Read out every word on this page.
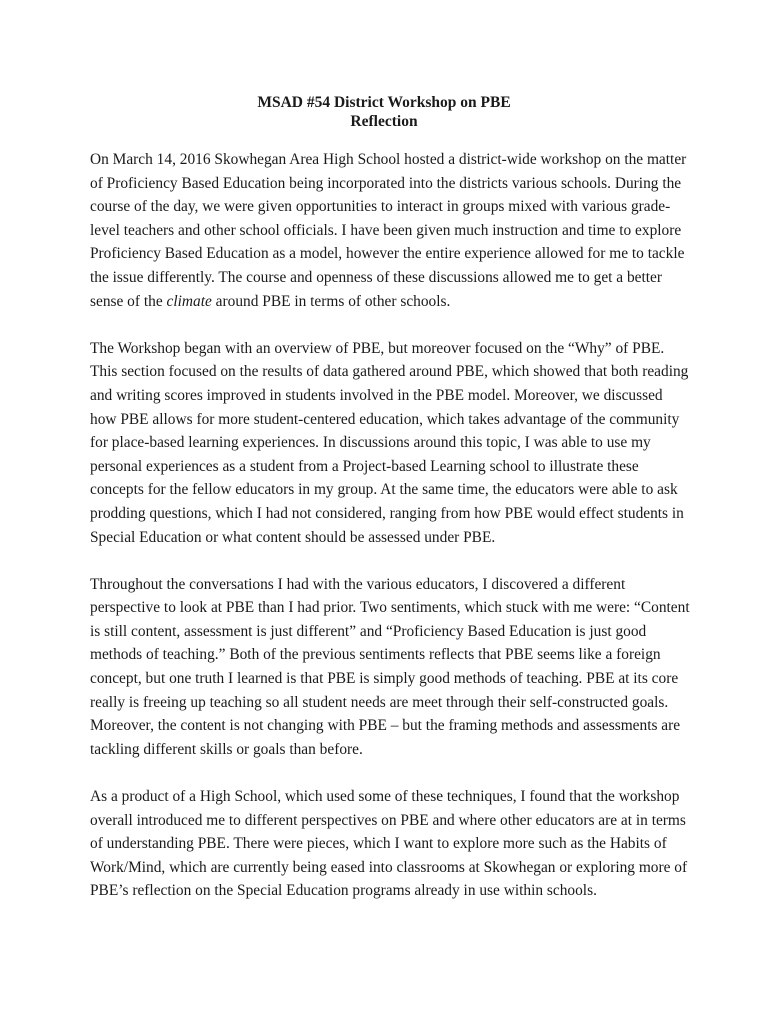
MSAD #54 District Workshop on PBE
Reflection
On March 14, 2016 Skowhegan Area High School hosted a district-wide workshop on the matter
of Proficiency Based Education being incorporated into the districts various schools. During the
course of the day, we were given opportunities to interact in groups mixed with various grade-
level teachers and other school officials. I have been given much instruction and time to explore
Proficiency Based Education as a model, however the entire experience allowed for me to tackle
the issue differently. The course and openness of these discussions allowed me to get a better
sense of the climate around PBE in terms of other schools.
The Workshop began with an overview of PBE, but moreover focused on the “Why” of PBE.
This section focused on the results of data gathered around PBE, which showed that both reading
and writing scores improved in students involved in the PBE model. Moreover, we discussed
how PBE allows for more student-centered education, which takes advantage of the community
for place-based learning experiences. In discussions around this topic, I was able to use my
personal experiences as a student from a Project-based Learning school to illustrate these
concepts for the fellow educators in my group. At the same time, the educators were able to ask
prodding questions, which I had not considered, ranging from how PBE would effect students in
Special Education or what content should be assessed under PBE.
Throughout the conversations I had with the various educators, I discovered a different
perspective to look at PBE than I had prior. Two sentiments, which stuck with me were: “Content
is still content, assessment is just different” and “Proficiency Based Education is just good
methods of teaching.” Both of the previous sentiments reflects that PBE seems like a foreign
concept, but one truth I learned is that PBE is simply good methods of teaching. PBE at its core
really is freeing up teaching so all student needs are meet through their self-constructed goals.
Moreover, the content is not changing with PBE – but the framing methods and assessments are
tackling different skills or goals than before.
As a product of a High School, which used some of these techniques, I found that the workshop
overall introduced me to different perspectives on PBE and where other educators are at in terms
of understanding PBE. There were pieces, which I want to explore more such as the Habits of
Work/Mind, which are currently being eased into classrooms at Skowhegan or exploring more of
PBE’s reflection on the Special Education programs already in use within schools.
